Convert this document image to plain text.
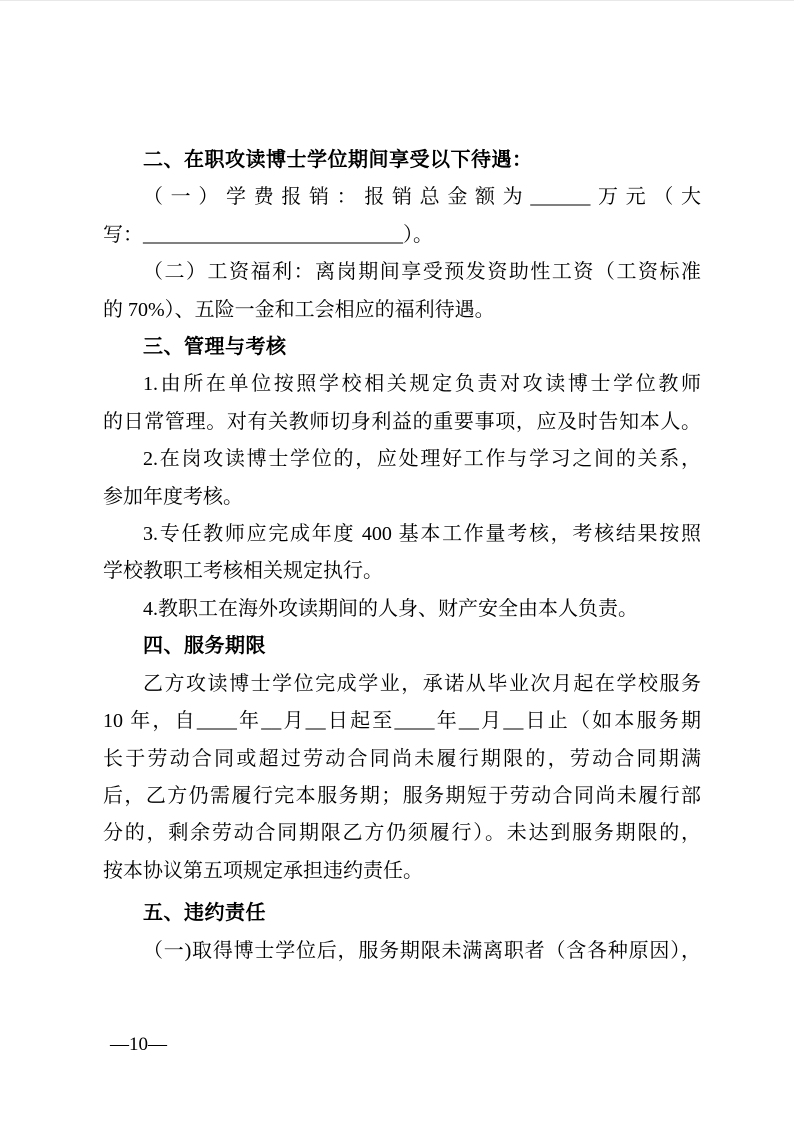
二、在职攻读博士学位期间享受以下待遇：
（一）学费报销：报销总金额为______万元（大
写：__________________________）。
（二）工资福利：离岗期间享受预发资助性工资（工资标准
的 70%）、五险一金和工会相应的福利待遇。
三、管理与考核
1.由所在单位按照学校相关规定负责对攻读博士学位教师
的日常管理。对有关教师切身利益的重要事项，应及时告知本人。
2.在岗攻读博士学位的，应处理好工作与学习之间的关系，
参加年度考核。
3.专任教师应完成年度 400 基本工作量考核，考核结果按照
学校教职工考核相关规定执行。
4.教职工在海外攻读期间的人身、财产安全由本人负责。
四、服务期限
乙方攻读博士学位完成学业，承诺从毕业次月起在学校服务
10 年，自____年__月__日起至____年__月__日止（如本服务期
长于劳动合同或超过劳动合同尚未履行期限的，劳动合同期满
后，乙方仍需履行完本服务期；服务期短于劳动合同尚未履行部
分的，剩余劳动合同期限乙方仍须履行）。未达到服务期限的，
按本协议第五项规定承担违约责任。
五、违约责任
（一)取得博士学位后，服务期限未满离职者（含各种原因），
—10—
